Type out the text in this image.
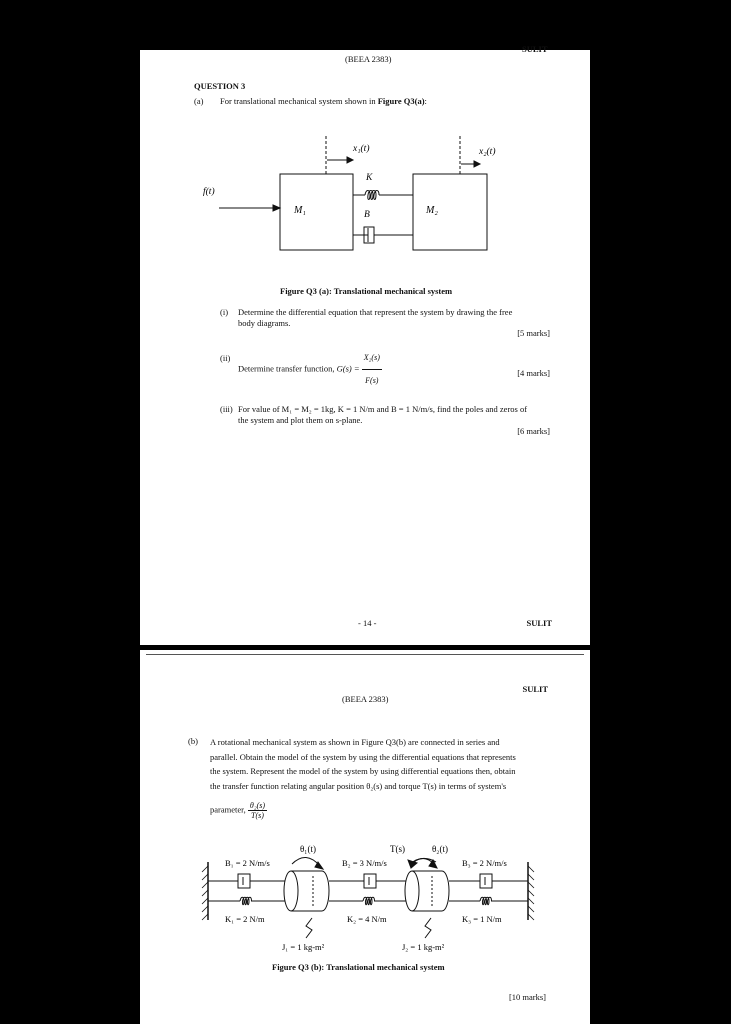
SULIT
(BEEA 2383)
QUESTION 3
(a) For translational mechanical system shown in Figure Q3(a):
x₁(t)	x₂(t)
K
B
f(t)
M₁	M₂
Figure Q3 (a): Translational mechanical system
(i) Determine the differential equation that represent the system by drawing the free
body diagrams.
[5 marks]
(ii)
Determine transfer function, $G(s) = \frac{\text{X₂(s)}}{F(s)}$	[4 marks]
(iii) For value of M₁ = M₂ = 1kg, K = 1 N/m and B = 1 N/m/s, find the poles and zeros of
the system and plot them on s-plane.
[6 marks]
- 14 -	SULIT
SULIT
(BEEA 2383)
(b) A rotational mechanical system as shown in Figure Q3(b) are connected in series and
parallel. Obtain the model of the system by using the differential equations that represents
the system. Represent the model of the system by using differential equations then, obtain
the transfer function relating angular position θ₂(s) and torque T(s) in terms of system's
parameter, $\frac{\text{θ₂(s)}}{T(s)}$
θ₁(t)	T(s)	θ₂(t)
B₁ = 2 N/m/s	B₂ = 3 N/m/s	B₃ = 2 N/m/s
K₁ = 2 N/m	K₂ = 4 N/m	K₃ = 1 N/m
J₁ = 1 kg-m²	J₂ = 1 kg-m²
Figure Q3 (b): Translational mechanical system
[10 marks]
